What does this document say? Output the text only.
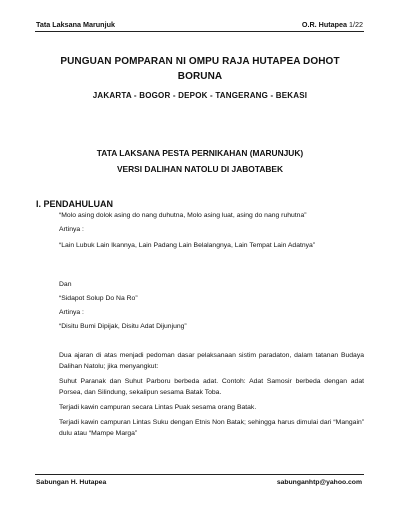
Tata Laksana Marunjuk	O.R. Hutapea 1/22
PUNGUAN POMPARAN NI OMPU RAJA HUTAPEA DOHOT
BORUNA
JAKARTA - BOGOR - DEPOK - TANGERANG - BEKASI
TATA LAKSANA PESTA PERNIKAHAN (MARUNJUK)
VERSI DALIHAN NATOLU DI JABOTABEK
I. PENDAHULUAN
“Molo asing dolok asing do nang duhutna, Molo asing luat, asing do nang ruhutna”
Artinya :
“Lain Lubuk Lain Ikannya, Lain Padang Lain Belalangnya, Lain Tempat Lain Adatnya”
Dan
“Sidapot Solup Do Na Ro”
Artinya :
“Disitu Bumi Dipijak, Disitu Adat Dijunjung”
Dua ajaran di atas menjadi pedoman dasar pelaksanaan sistim paradaton, dalam tatanan Budaya Dalihan Natolu; jika menyangkut:
Suhut Paranak dan Suhut Parboru berbeda adat. Contoh: Adat Samosir berbeda dengan adat Porsea, dan Silindung, sekalipun sesama Batak Toba.
Terjadi kawin campuran secara Lintas Puak sesama orang Batak.
Terjadi kawin campuran Lintas Suku dengan Etnis Non Batak; sehingga harus dimulai dari “Mangain” dulu atau “Mampe Marga”
Sabungan H. Hutapea	sabunganhtp@yahoo.com
